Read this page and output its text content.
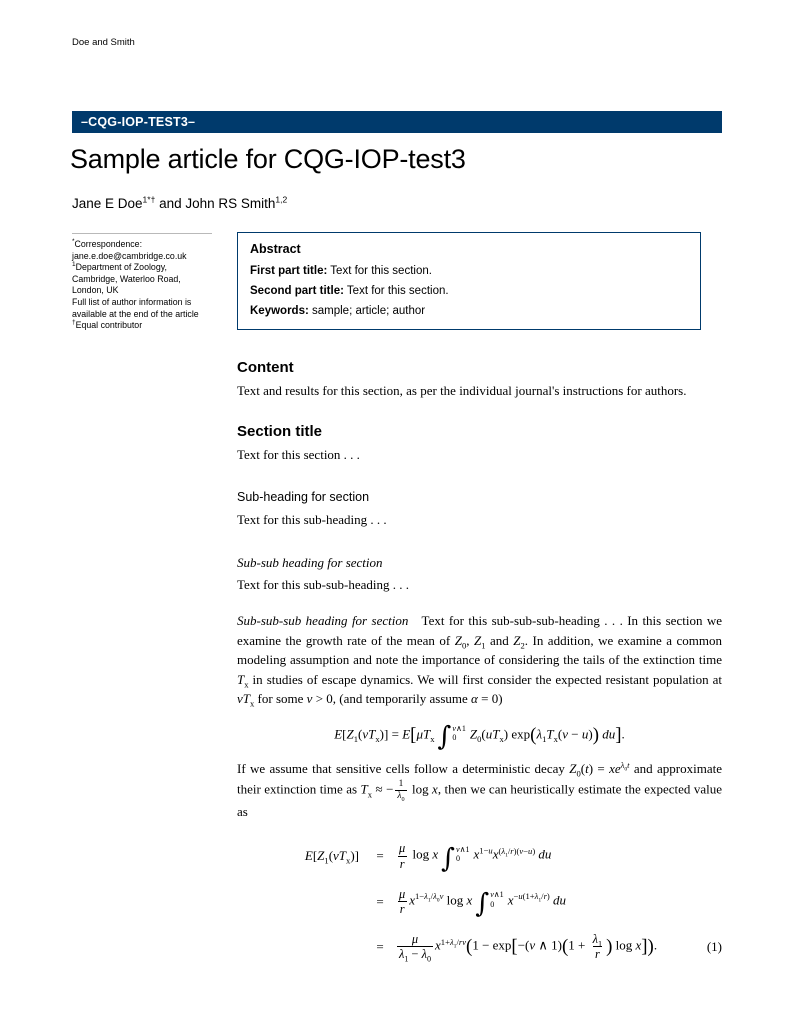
Doe and Smith
–CQG-IOP-TEST3–
Sample article for CQG-IOP-test3
Jane E Doe$^{1*\dagger}$ and John RS Smith$^{1,2}$
*Correspondence:
jane.e.doe@cambridge.co.uk
$^1$Department of Zoology,
Cambridge, Waterloo Road,
London, UK
Full list of author information is
available at the end of the article
†Equal contributor
Abstract
First part title: Text for this section.
Second part title: Text for this section.
Keywords: sample; article; author
Content

Text and results for this section, as per the individual journal's instructions for authors.

Section title

Text for this section . . .

Sub-heading for section

Text for this sub-heading . . .

Sub-sub heading for section

Text for this sub-sub-heading . . .

Sub-sub-sub heading for section   Text for this sub-sub-sub-heading . . . In this section we examine the growth rate of the mean of $Z_0$, $Z_1$ and $Z_2$. In addition, we examine a common modeling assumption and note the importance of considering the tails of the extinction time $T_x$ in studies of escape dynamics. We will first consider the expected resistant population at $vT_x$ for some v > 0, (and temporarily assume α = 0)

$E[Z_1(vT_x)] = E[\mu T_x$ ∫ v∧1
0	$Z_0(uT_x) \exp(\lambda_1T_x(v - u))$ du].

If we assume that sensitive cells follow a deterministic decay $Z_0(t) = xe^{\lambda_0t}$ and approximate their extinction time as $T_x$ ≈ − $\frac{1}{\lambda_0}$ log x, then we can heuristically estimate the expected value as

$E[Z_1(vT_x)]$	=	$\frac{\mu}{r}$ log x ∫ v∧1
0	$x^{1-u}x^{(\lambda_1/r)(v-u)}$ du	
	=	$\frac{\mu}{r} x^{1-\lambda_1/\lambda_0v}$ log x ∫ v∧1
0	$x^{-u(1+\lambda_1/r)}$ du	
	=	$\frac{\mu}{\lambda_1 - \lambda_0} x^{1+\lambda_1/rv}(1 - \exp[-(v$ ∧ $1)(1 + \frac{\lambda_1}{r}$ ) log x]).	(1)
